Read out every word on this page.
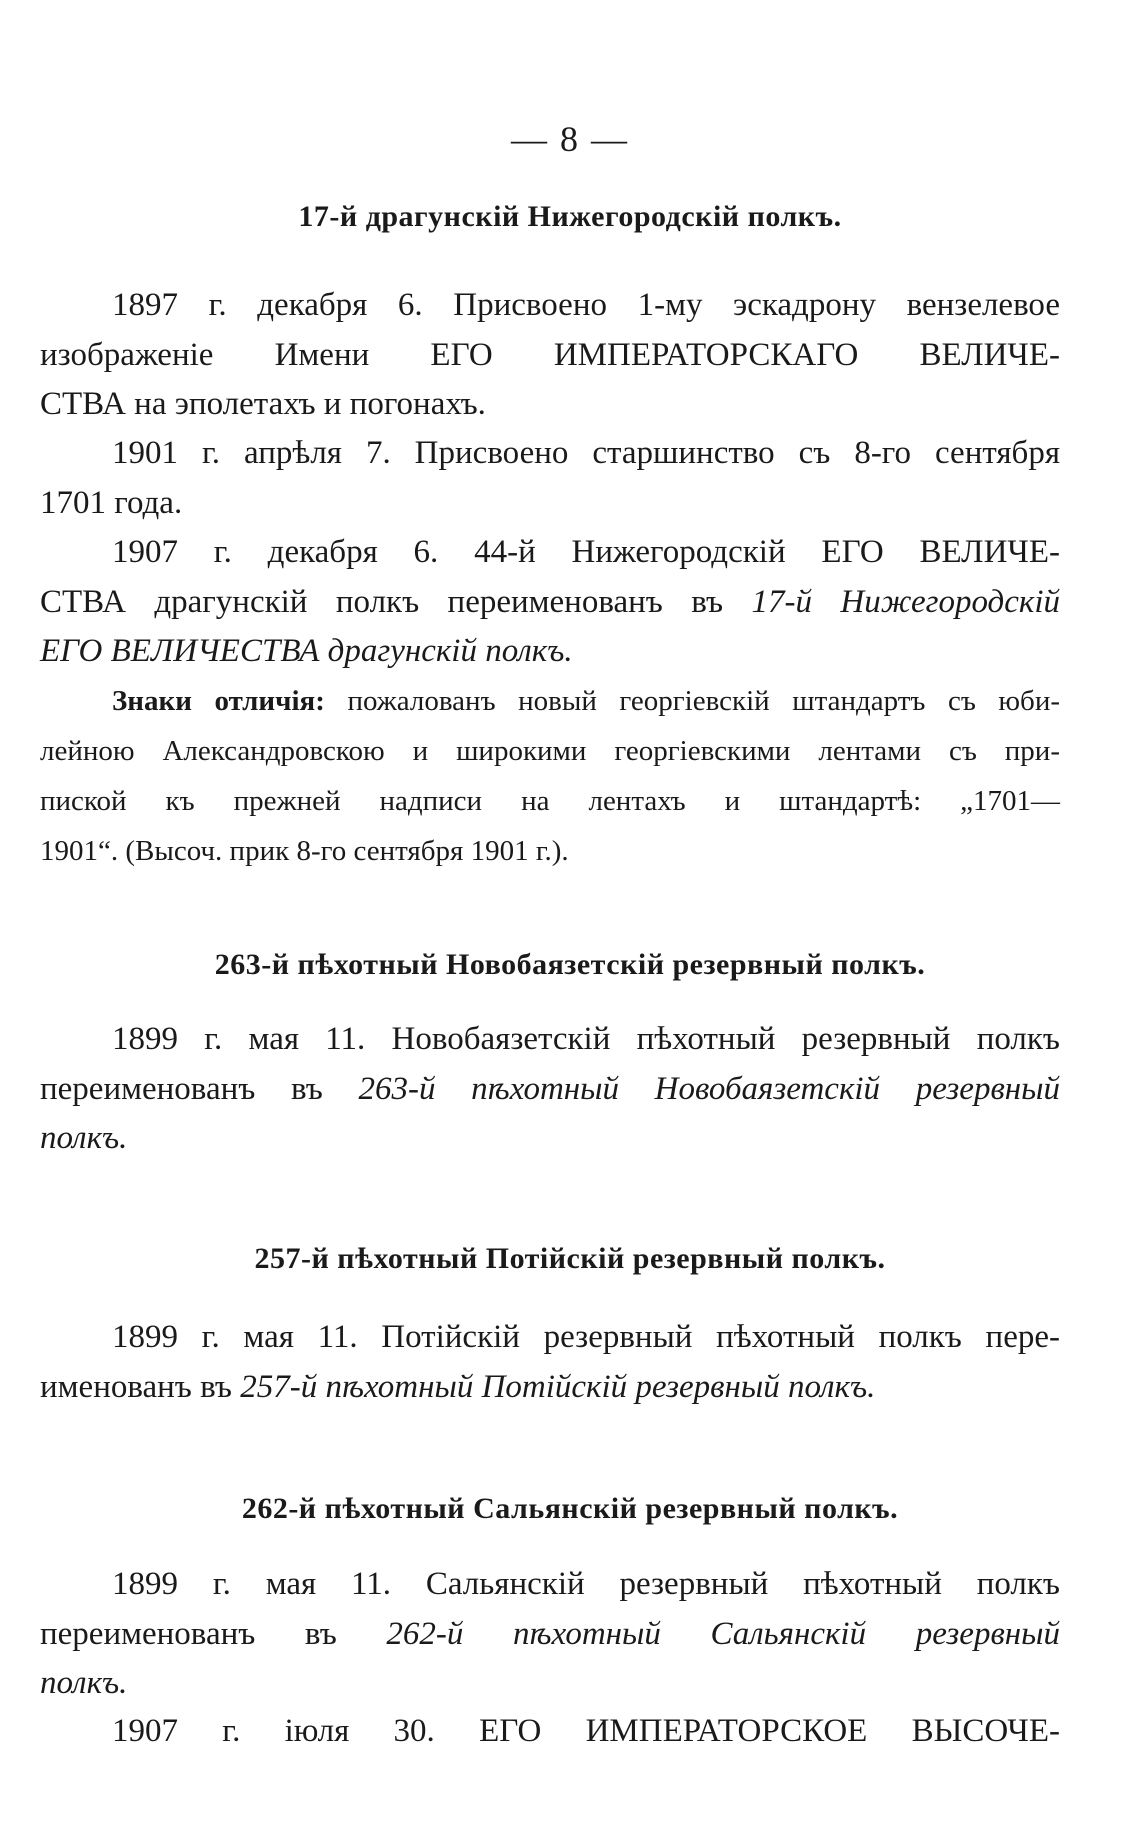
— 8 —
17-й драгунскій Нижегородскій полкъ.
1897 г. декабря 6. Присвоено 1-му эскадрону вензелевое
изображеніе Имени ЕГО ИМПЕРАТОРСКАГО ВЕЛИЧЕ-
СТВА на эполетахъ и погонахъ.
1901 г. апрѣля 7. Присвоено старшинство съ 8-го сентября
1701 года.
1907 г. декабря 6. 44-й Нижегородскій ЕГО ВЕЛИЧЕ-
СТВА драгунскій полкъ переименованъ въ 17-й Нижегородскій
ЕГО ВЕЛИЧЕСТВА драгунскій полкъ.
Знаки отличія: пожалованъ новый георгіевскій штандартъ съ юби-
лейною Александровскою и широкими георгіевскими лентами съ при-
пиской къ прежней надписи на лентахъ и штандартѣ: „1701—
1901“. (Высоч. прик 8-го сентября 1901 г.).
263-й пѣхотный Новобаязетскій резервный полкъ.
1899 г. мая 11. Новобаязетскій пѣхотный резервный полкъ
переименованъ въ 263-й пѣхотный Новобаязетскій резервный
полкъ.
257-й пѣхотный Потійскій резервный полкъ.
1899 г. мая 11. Потійскій резервный пѣхотный полкъ пере-
именованъ въ 257-й пѣхотный Потійскій резервный полкъ.
262-й пѣхотный Сальянскій резервный полкъ.
1899 г. мая 11. Сальянскій резервный пѣхотный полкъ
переименованъ въ 262-й пѣхотный Сальянскій резервный
полкъ.
1907 г. іюля 30. ЕГО ИМПЕРАТОРСКОЕ ВЫСОЧЕ-
